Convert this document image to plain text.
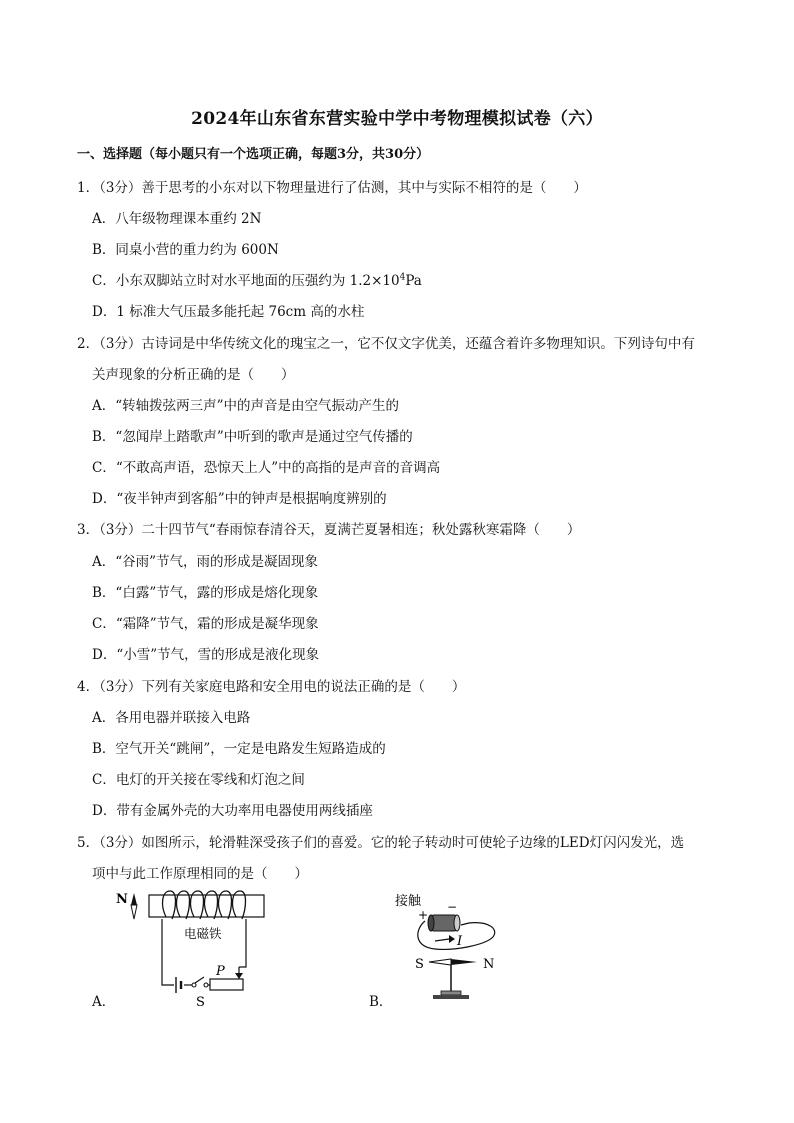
2024年山东省东营实验中学中考物理模拟试卷（六）
一、选择题（每小题只有一个选项正确，每题3分，共30分）
1．（3分）善于思考的小东对以下物理量进行了估测，其中与实际不相符的是（　　）
A．八年级物理课本重约 2N
B．同桌小营的重力约为 600N
C．小东双脚站立时对水平地面的压强约为 $1.2\times 10^4Pa$
D．1 标准大气压最多能托起 76cm 高的水柱
2．（3分）古诗词是中华传统文化的瑰宝之一，它不仅文字优美，还蕴含着许多物理知识。下列诗句中有
关声现象的分析正确的是（　　）
A．“转轴拨弦两三声”中的声音是由空气振动产生的
B．“忽闻岸上踏歌声”中听到的歌声是通过空气传播的
C．“不敢高声语，恐惊天上人”中的高指的是声音的音调高
D．“夜半钟声到客船”中的钟声是根据响度辨别的
3．（3分）二十四节气“春雨惊春清谷天，夏满芒夏暑相连；秋处露秋寒霜降（　　）
A．“谷雨”节气，雨的形成是凝固现象
B．“白露”节气，露的形成是熔化现象
C．“霜降”节气，霜的形成是凝华现象
D．“小雪”节气，雪的形成是液化现象
4．（3分）下列有关家庭电路和安全用电的说法正确的是（　　）
A．各用电器并联接入电路
B．空气开关“跳闸”，一定是电路发生短路造成的
C．电灯的开关接在零线和灯泡之间
D．带有金属外壳的大功率用电器使用两线插座
5．（3分）如图所示，轮滑鞋深受孩子们的喜爱。它的轮子转动时可使轮子边缘的LED灯闪闪发光，选
项中与此工作原理相同的是（　　）
N
电磁铁
S
P
A．
接触
+
−
I
S	N
B．
